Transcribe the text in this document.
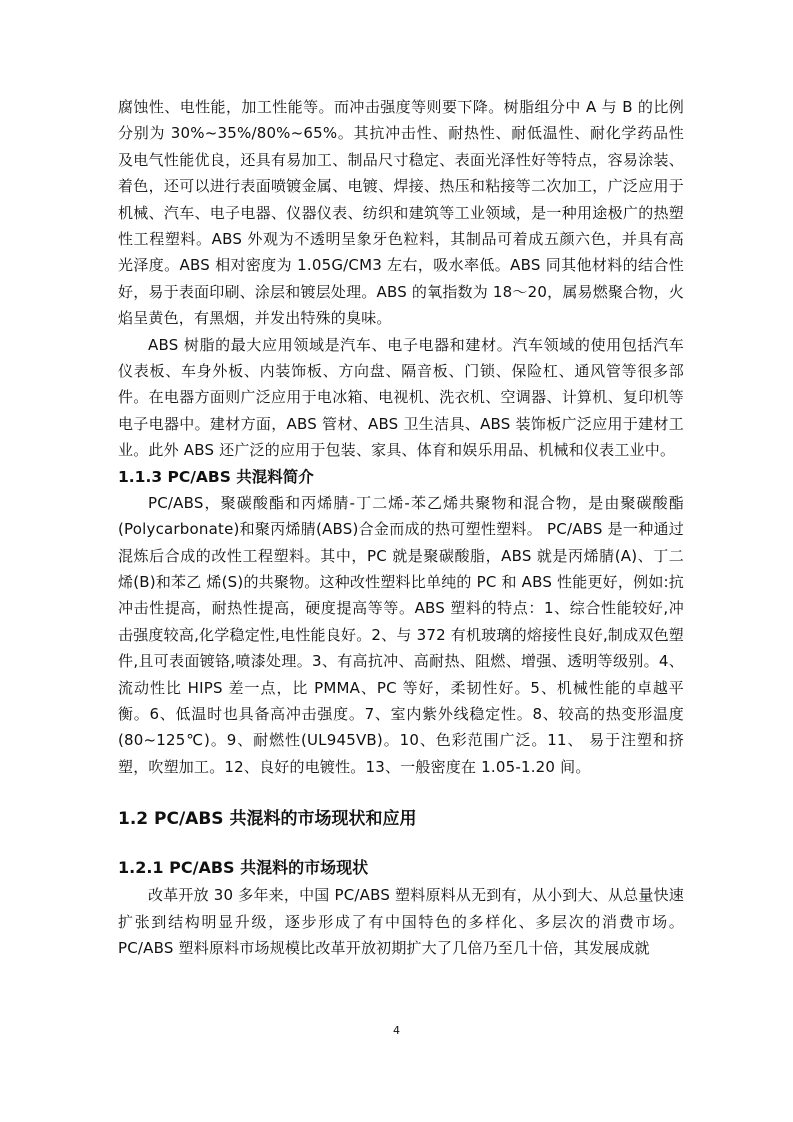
腐蚀性、电性能，加工性能等。而冲击强度等则要下降。树脂组分中 A 与 B 的比例分别为 30%~35%/80%~65%。其抗冲击性、耐热性、耐低温性、耐化学药品性及电气性能优良，还具有易加工、制品尺寸稳定、表面光泽性好等特点，容易涂装、着色，还可以进行表面喷镀金属、电镀、焊接、热压和粘接等二次加工，广泛应用于机械、汽车、电子电器、仪器仪表、纺织和建筑等工业领域，是一种用途极广的热塑性工程塑料。ABS 外观为不透明呈象牙色粒料，其制品可着成五颜六色，并具有高光泽度。ABS 相对密度为 1.05G/CM3 左右，吸水率低。ABS 同其他材料的结合性好，易于表面印刷、涂层和镀层处理。ABS 的氧指数为 18～20，属易燃聚合物，火焰呈黄色，有黑烟，并发出特殊的臭味。

ABS 树脂的最大应用领域是汽车、电子电器和建材。汽车领域的使用包括汽车仪表板、车身外板、内装饰板、方向盘、隔音板、门锁、保险杠、通风管等很多部件。在电器方面则广泛应用于电冰箱、电视机、洗衣机、空调器、计算机、复印机等电子电器中。建材方面，ABS 管材、ABS 卫生洁具、ABS 装饰板广泛应用于建材工业。此外 ABS 还广泛的应用于包装、家具、体育和娱乐用品、机械和仪表工业中。

1.1.3 PC/ABS 共混料简介

PC/ABS，聚碳酸酯和丙烯腈-丁二烯-苯乙烯共聚物和混合物，是由聚碳酸酯(Polycarbonate)和聚丙烯腈(ABS)合金而成的热可塑性塑料。 PC/ABS 是一种通过混炼后合成的改性工程塑料。其中，PC 就是聚碳酸脂，ABS 就是丙烯腈(A)、丁二烯(B)和苯乙 烯(S)的共聚物。这种改性塑料比单纯的 PC 和 ABS 性能更好，例如:抗冲击性提高，耐热性提高，硬度提高等等。ABS 塑料的特点：1、综合性能较好,冲击强度较高,化学稳定性,电性能良好。2、与 372 有机玻璃的熔接性良好,制成双色塑件,且可表面镀铬,喷漆处理。3、有高抗冲、高耐热、阻燃、增强、透明等级别。4、流动性比 HIPS 差一点，比 PMMA、PC 等好，柔韧性好。5、机械性能的卓越平衡。6、低温时也具备高冲击强度。7、室内紫外线稳定性。8、较高的热变形温度(80~125℃)。9、耐燃性(UL945VB)。10、色彩范围广泛。11、 易于注塑和挤塑，吹塑加工。12、良好的电镀性。13、一般密度在 1.05-1.20 间。

1.2 PC/ABS 共混料的市场现状和应用

1.2.1 PC/ABS 共混料的市场现状

改革开放 30 多年来，中国 PC/ABS 塑料原料从无到有，从小到大、从总量快速扩张到结构明显升级，逐步形成了有中国特色的多样化、多层次的消费市场。PC/ABS 塑料原料市场规模比改革开放初期扩大了几倍乃至几十倍，其发展成就

4
